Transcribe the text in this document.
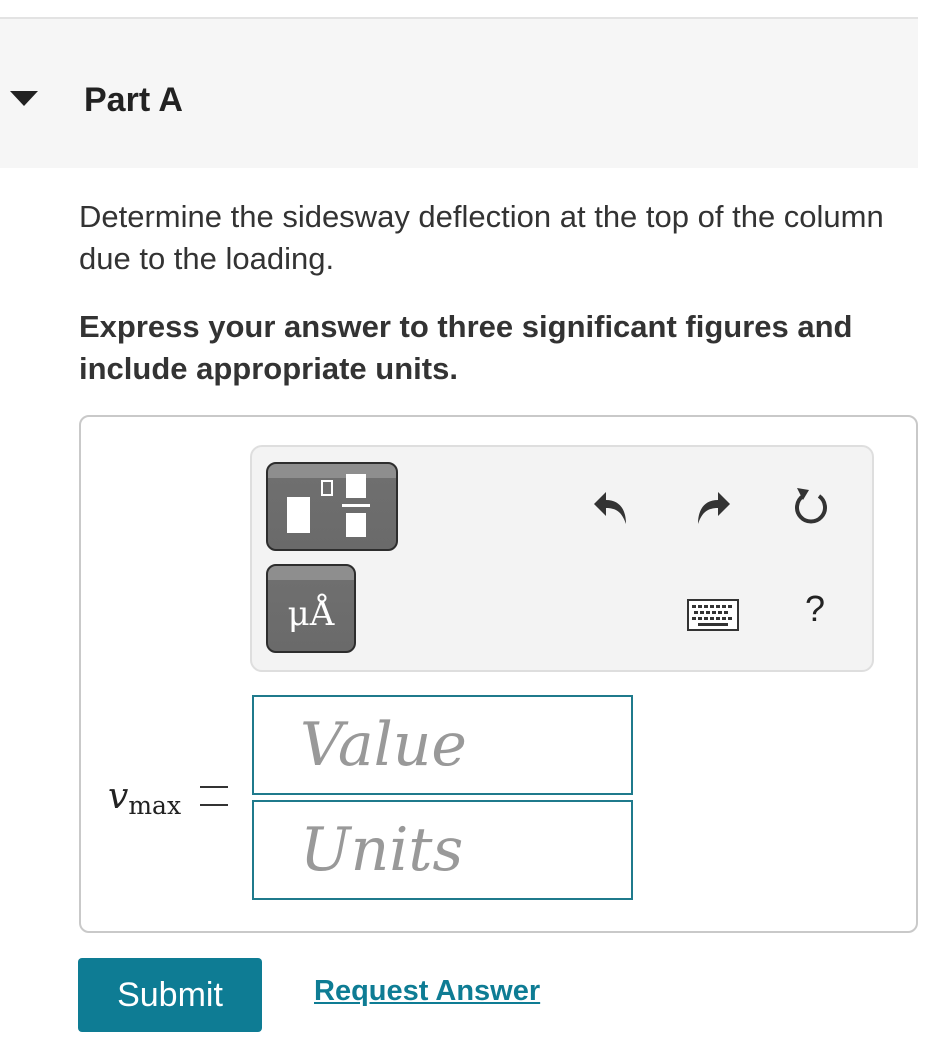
Part A
Determine the sidesway deflection at the top of the column due to the loading.
Express your answer to three significant figures and include appropriate units.
μÅ	?
vmax
Value
Units
Submit	Request Answer
